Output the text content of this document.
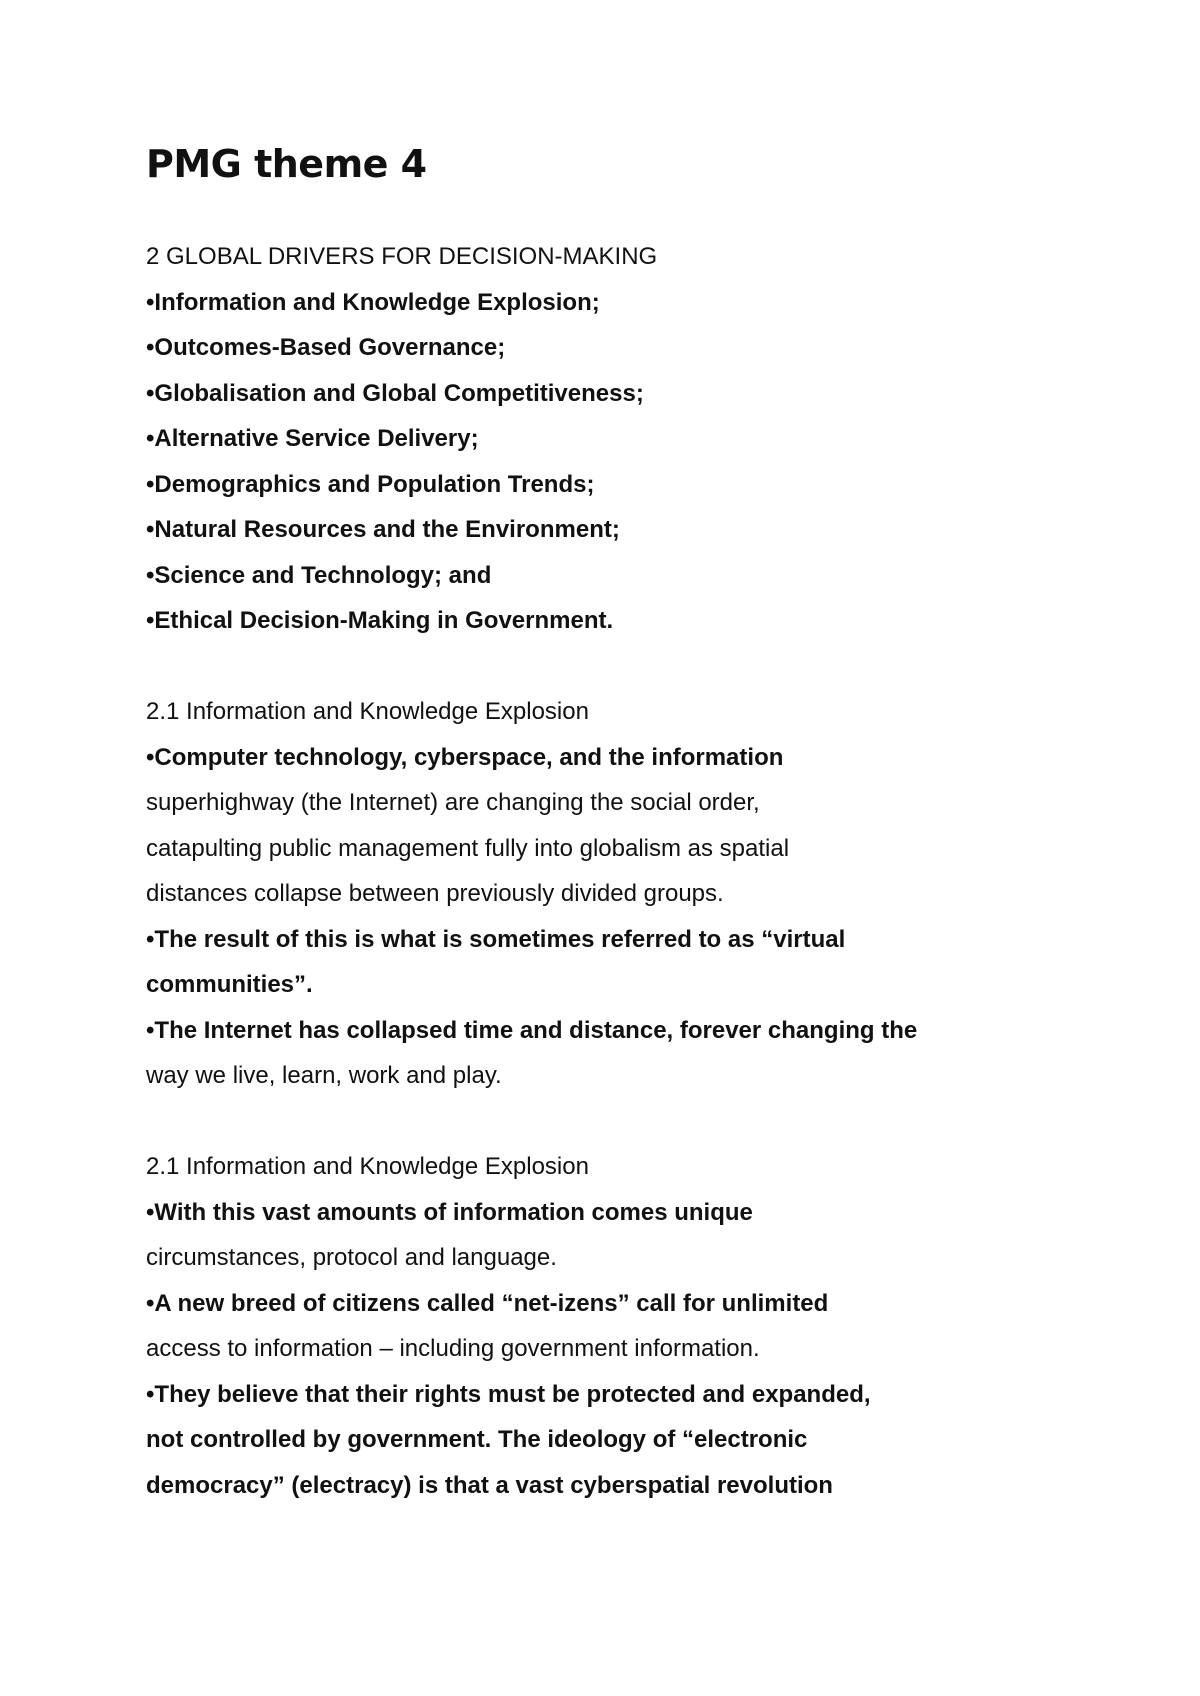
PMG theme 4
2 GLOBAL DRIVERS FOR DECISION-MAKING
•Information and Knowledge Explosion;
•Outcomes-Based Governance;
•Globalisation and Global Competitiveness;
•Alternative Service Delivery;
•Demographics and Population Trends;
•Natural Resources and the Environment;
•Science and Technology; and
•Ethical Decision-Making in Government.
2.1 Information and Knowledge Explosion
•Computer technology, cyberspace, and the information
superhighway (the Internet) are changing the social order,
catapulting public management fully into globalism as spatial
distances collapse between previously divided groups.
•The result of this is what is sometimes referred to as “virtual
communities”.
•The Internet has collapsed time and distance, forever changing the
way we live, learn, work and play.
2.1 Information and Knowledge Explosion
•With this vast amounts of information comes unique
circumstances, protocol and language.
•A new breed of citizens called “net-izens” call for unlimited
access to information – including government information.
•They believe that their rights must be protected and expanded,
not controlled by government. The ideology of “electronic
democracy” (electracy) is that a vast cyberspatial revolution
